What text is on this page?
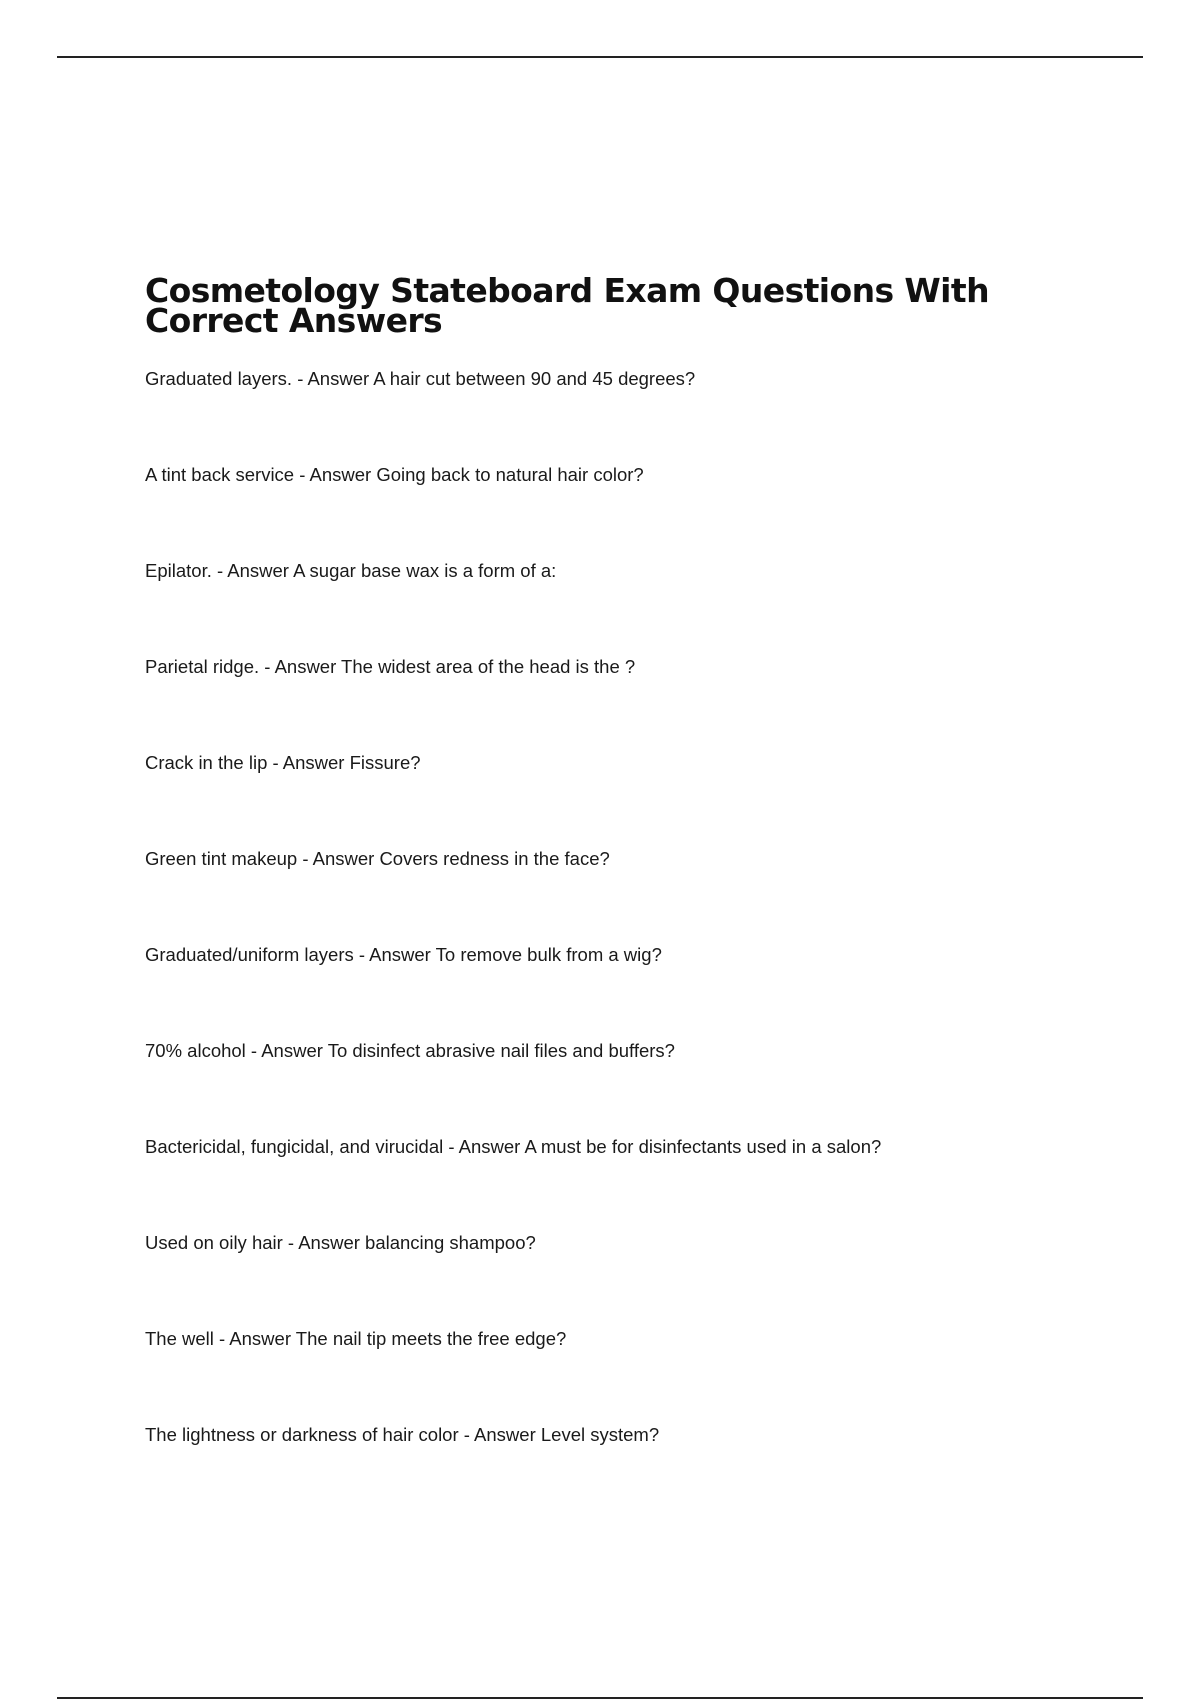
Cosmetology Stateboard Exam Questions With Correct Answers
Graduated layers. - Answer A hair cut between 90 and 45 degrees?
A tint back service - Answer Going back to natural hair color?
Epilator. - Answer A sugar base wax is a form of a:
Parietal ridge. - Answer The widest area of the head is the ?
Crack in the lip - Answer Fissure?
Green tint makeup - Answer Covers redness in the face?
Graduated/uniform layers - Answer To remove bulk from a wig?
70% alcohol - Answer To disinfect abrasive nail files and buffers?
Bactericidal, fungicidal, and virucidal - Answer A must be for disinfectants used in a salon?
Used on oily hair - Answer balancing shampoo?
The well - Answer The nail tip meets the free edge?
The lightness or darkness of hair color - Answer Level system?
